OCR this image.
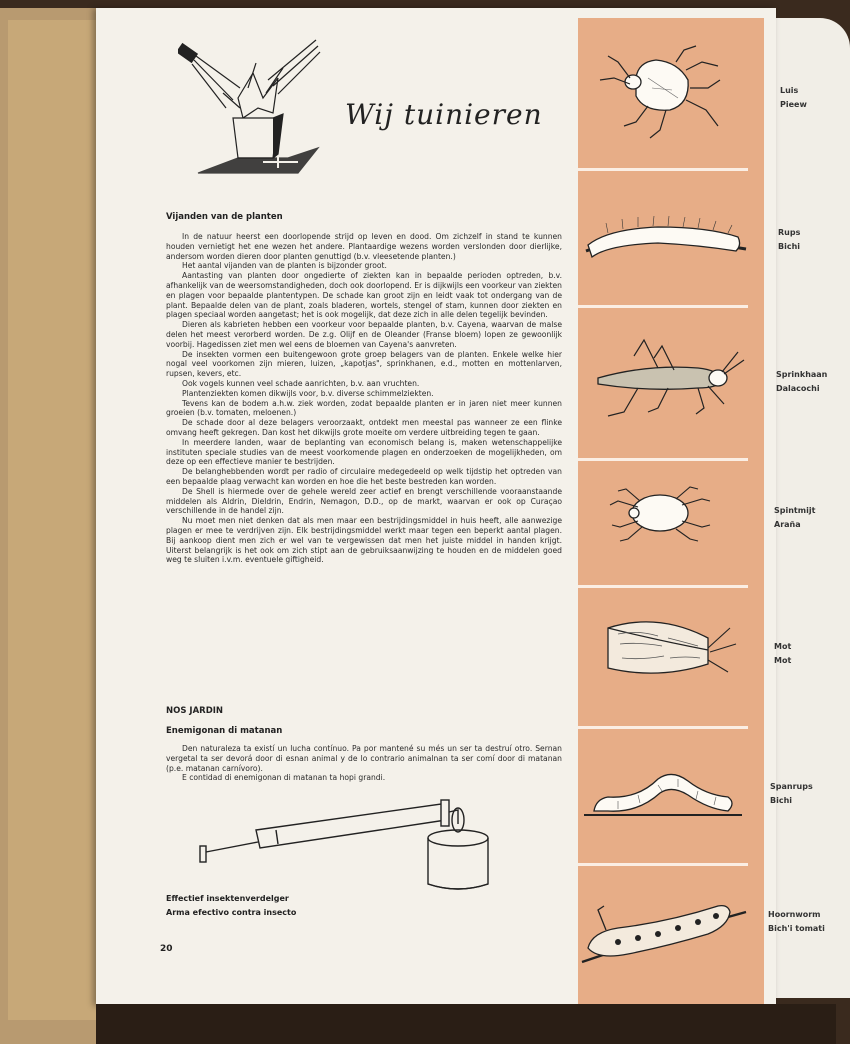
Wij tuinieren
Vijanden van de planten

In de natuur heerst een doorlopende strijd op leven en dood. Om zichzelf in stand te kunnen houden vernietigt het ene wezen het andere. Plantaardige wezens worden verslonden door dierlijke, andersom worden dieren door planten genuttigd (b.v. vleesetende planten.)

Het aantal vijanden van de planten is bijzonder groot.

Aantasting van planten door ongedierte of ziekten kan in bepaalde perioden optreden, b.v. afhankelijk van de weersomstandigheden, doch ook doorlopend. Er is dijkwijls een voorkeur van ziekten en plagen voor bepaalde plantentypen. De schade kan groot zijn en leidt vaak tot ondergang van de plant. Bepaalde delen van de plant, zoals bladeren, wortels, stengel of stam, kunnen door ziekten en plagen speciaal worden aangetast; het is ook mogelijk, dat deze zich in alle delen tegelijk bevinden.

Dieren als kabrieten hebben een voorkeur voor bepaalde planten, b.v. Cayena, waarvan de malse delen het meest verorberd worden. De z.g. Olijf en de Oleander (Franse bloem) lopen ze gewoonlijk voorbij. Hagedissen ziet men wel eens de bloemen van Cayena's aanvreten.

De insekten vormen een buitengewoon grote groep belagers van de planten. Enkele welke hier nogal veel voorkomen zijn mieren, luizen, „kapotjas", sprinkhanen, e.d., motten en mottenlarven, rupsen, kevers, etc.

Ook vogels kunnen veel schade aanrichten, b.v. aan vruchten.

Plantenziekten komen dikwijls voor, b.v. diverse schimmelziekten.

Tevens kan de bodem a.h.w. ziek worden, zodat bepaalde planten er in jaren niet meer kunnen groeien (b.v. tomaten, meloenen.)

De schade door al deze belagers veroorzaakt, ontdekt men meestal pas wanneer ze een flinke omvang heeft gekregen. Dan kost het dikwijls grote moeite om verdere uitbreiding tegen te gaan.

In meerdere landen, waar de beplanting van economisch belang is, maken wetenschappelijke instituten speciale studies van de meest voorkomende plagen en onderzoeken de mogelijkheden, om deze op een effectieve manier te bestrijden.

De belanghebbenden wordt per radio of circulaire medegedeeld op welk tijdstip het optreden van een bepaalde plaag verwacht kan worden en hoe die het beste bestreden kan worden.

De Shell is hiermede over de gehele wereld zeer actief en brengt verschillende vooraanstaande middelen als Aldrin, Dieldrin, Endrin, Nemagon, D.D., op de markt, waarvan er ook op Curaçao verschillende in de handel zijn.

Nu moet men niet denken dat als men maar een bestrijdingsmiddel in huis heeft, alle aanwezige plagen er mee te verdrijven zijn. Elk bestrijdingsmiddel werkt maar tegen een beperkt aantal plagen. Bij aankoop dient men zich er wel van te vergewissen dat men het juiste middel in handen krijgt. Uiterst belangrijk is het ook om zich stipt aan de gebruiksaanwijzing te houden en de middelen goed weg te sluiten i.v.m. eventuele giftigheid.

NOS JARDIN
Enemigonan di matanan

Den naturaleza ta existí un lucha contínuo. Pa por mantené su més un ser ta destruí otro. Sernan vergetal ta ser devorá door di esnan animal y de lo contrario animalnan ta ser comí door di matanan (p.e. matanan carnívoro).

E contidad di enemigonan di matanan ta hopi grandi.

Effectief insektenverdelger
Arma efectivo contra insecto
20
Luis
Pieew
Rups
Bichi
Sprinkhaan
Dalacochi
Spintmijt
Araña
Mot
Mot
Spanrups
Bichi
Hoornworm
Bich'i tomati
